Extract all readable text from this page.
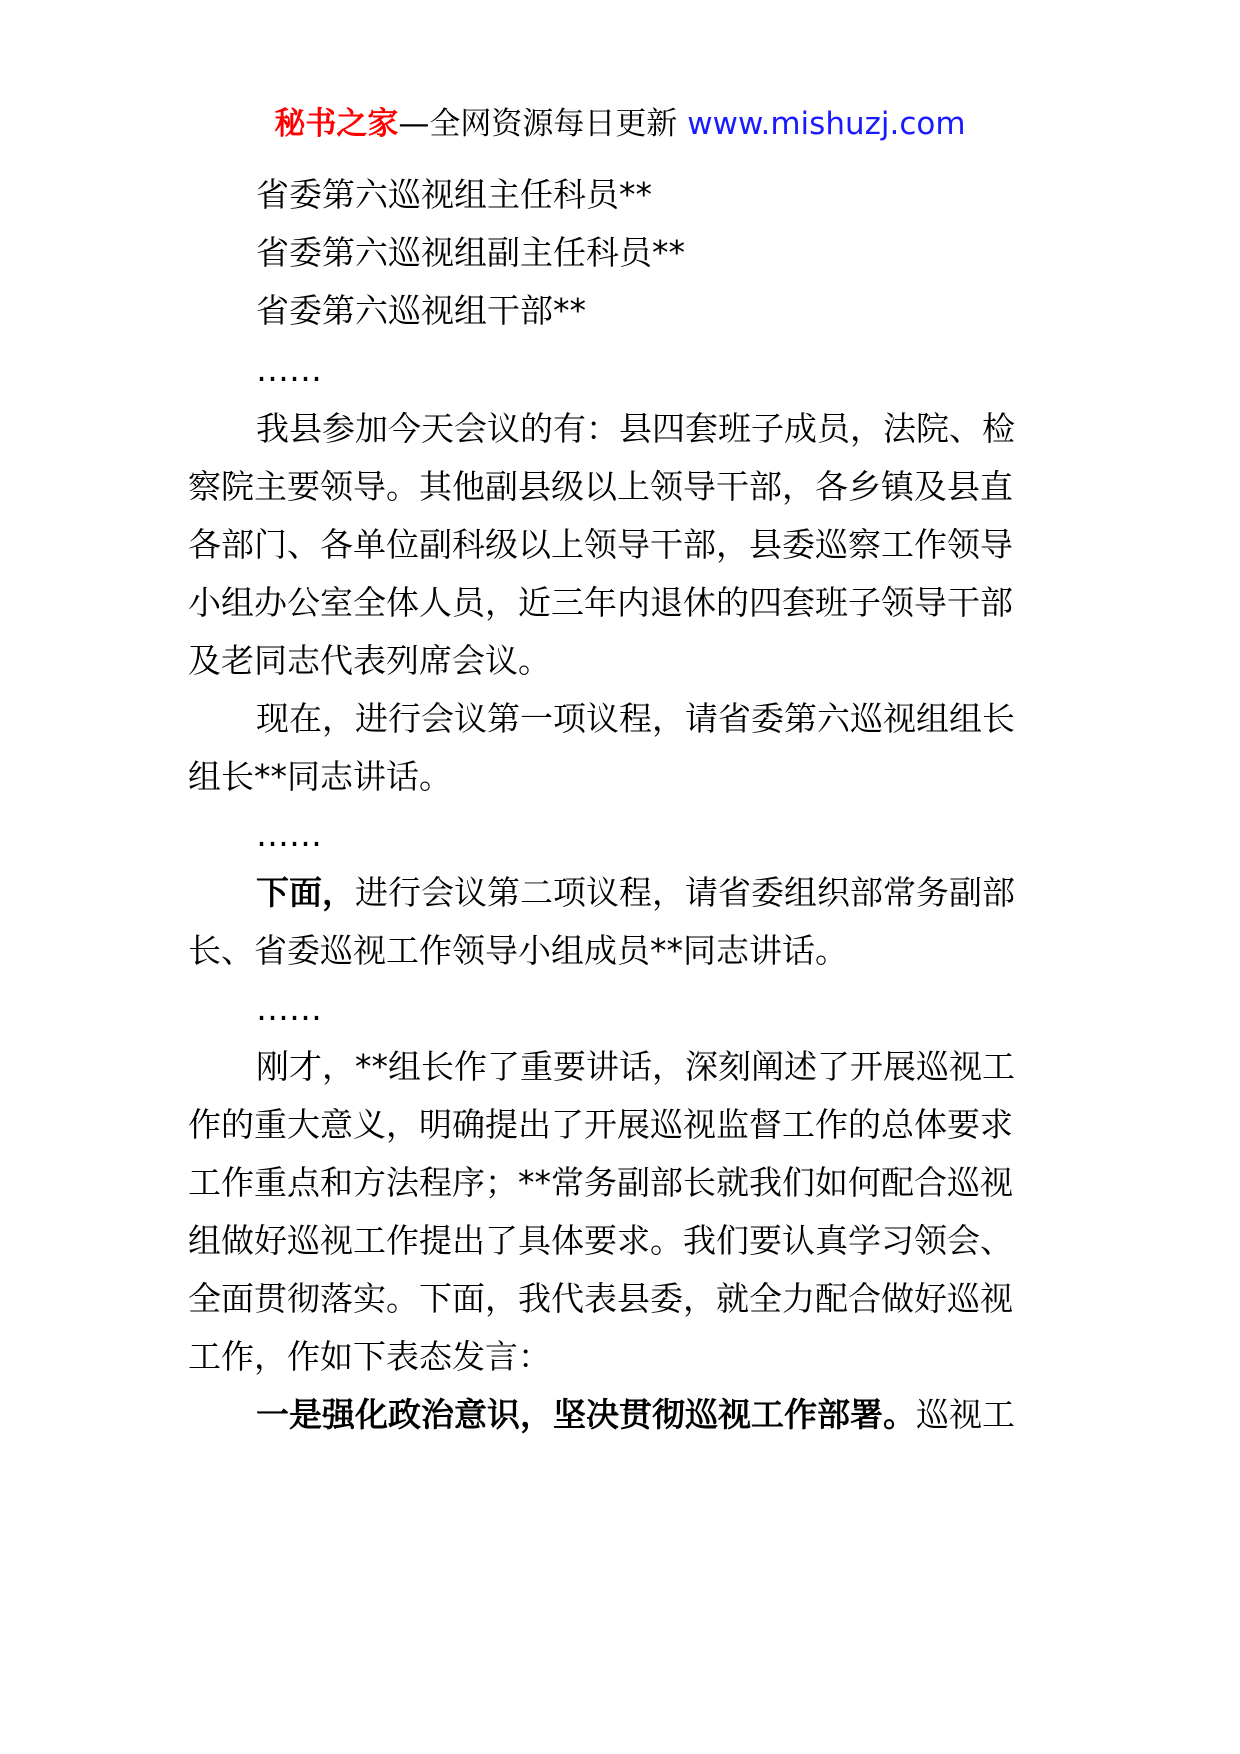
秘书之家—全网资源每日更新 www.mishuzj.com
省委第六巡视组主任科员**
省委第六巡视组副主任科员**
省委第六巡视组干部**
……
我县参加今天会议的有：县四套班子成员，法院、检
察院主要领导。其他副县级以上领导干部，各乡镇及县直
各部门、各单位副科级以上领导干部，县委巡察工作领导
小组办公室全体人员，近三年内退休的四套班子领导干部
及老同志代表列席会议。
现在，进行会议第一项议程，请省委第六巡视组组长
组长**同志讲话。
……
下面，进行会议第二项议程，请省委组织部常务副部
长、省委巡视工作领导小组成员**同志讲话。
……
刚才，**组长作了重要讲话，深刻阐述了开展巡视工
作的重大意义，明确提出了开展巡视监督工作的总体要求
工作重点和方法程序；**常务副部长就我们如何配合巡视
组做好巡视工作提出了具体要求。我们要认真学习领会、
全面贯彻落实。下面，我代表县委，就全力配合做好巡视
工作，作如下表态发言：
一是强化政治意识，坚决贯彻巡视工作部署。巡视工
